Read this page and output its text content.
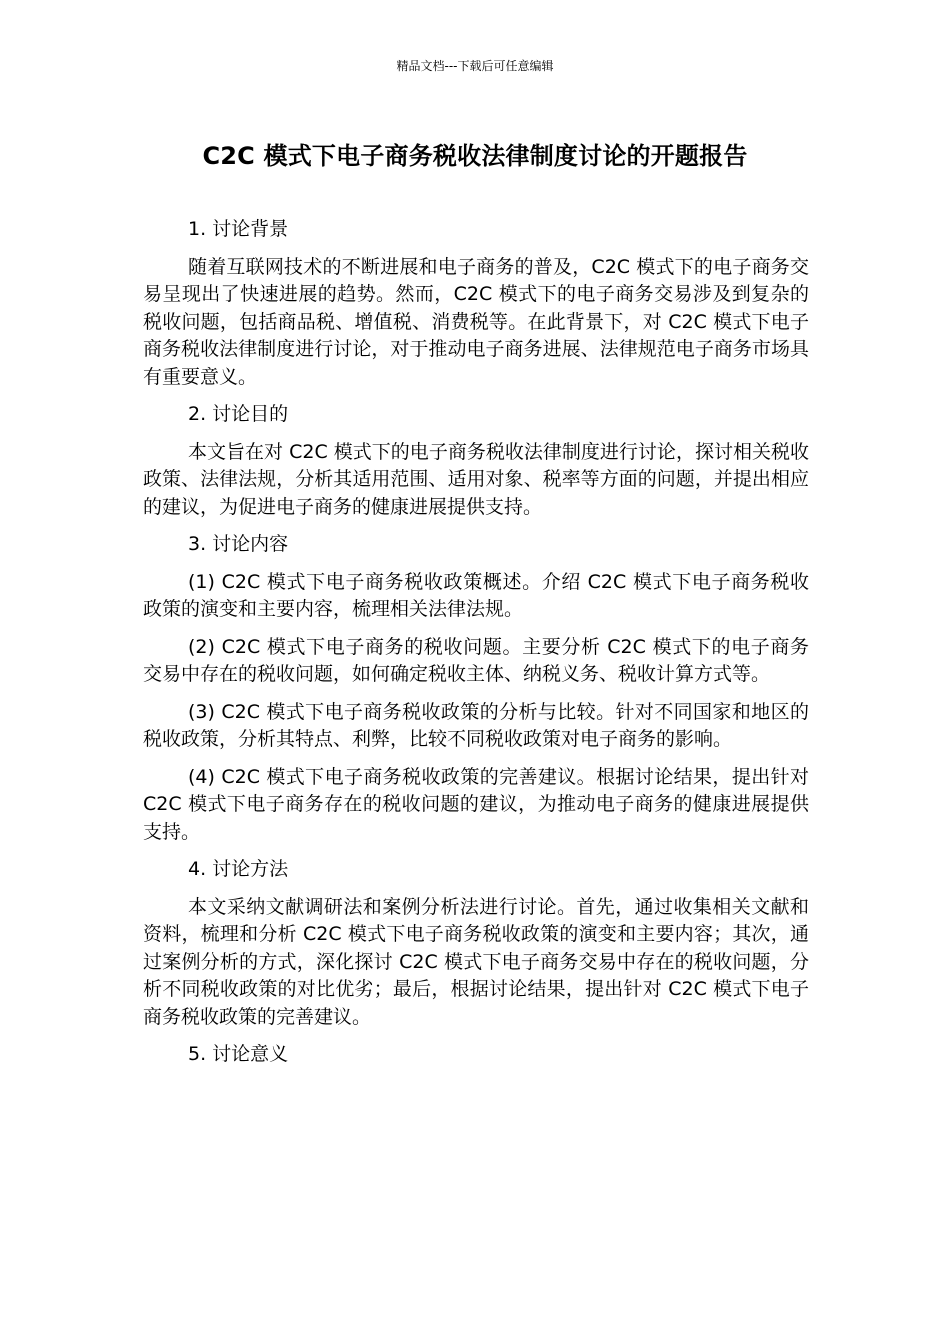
精品文档---下载后可任意编辑
C2C 模式下电子商务税收法律制度讨论的开题报告

1. 讨论背景

随着互联网技术的不断进展和电子商务的普及，C2C 模式下的电子商务交易呈现出了快速进展的趋势。然而，C2C 模式下的电子商务交易涉及到复杂的税收问题，包括商品税、增值税、消费税等。在此背景下，对 C2C 模式下电子商务税收法律制度进行讨论，对于推动电子商务进展、法律规范电子商务市场具有重要意义。

2. 讨论目的

本文旨在对 C2C 模式下的电子商务税收法律制度进行讨论，探讨相关税收政策、法律法规，分析其适用范围、适用对象、税率等方面的问题，并提出相应的建议，为促进电子商务的健康进展提供支持。

3. 讨论内容

(1) C2C 模式下电子商务税收政策概述。介绍 C2C 模式下电子商务税收政策的演变和主要内容，梳理相关法律法规。

(2) C2C 模式下电子商务的税收问题。主要分析 C2C 模式下的电子商务交易中存在的税收问题，如何确定税收主体、纳税义务、税收计算方式等。

(3) C2C 模式下电子商务税收政策的分析与比较。针对不同国家和地区的税收政策，分析其特点、利弊，比较不同税收政策对电子商务的影响。

(4) C2C 模式下电子商务税收政策的完善建议。根据讨论结果，提出针对 C2C 模式下电子商务存在的税收问题的建议，为推动电子商务的健康进展提供支持。

4. 讨论方法

本文采纳文献调研法和案例分析法进行讨论。首先，通过收集相关文献和资料，梳理和分析 C2C 模式下电子商务税收政策的演变和主要内容；其次，通过案例分析的方式，深化探讨 C2C 模式下电子商务交易中存在的税收问题，分析不同税收政策的对比优劣；最后，根据讨论结果，提出针对 C2C 模式下电子商务税收政策的完善建议。

5. 讨论意义
